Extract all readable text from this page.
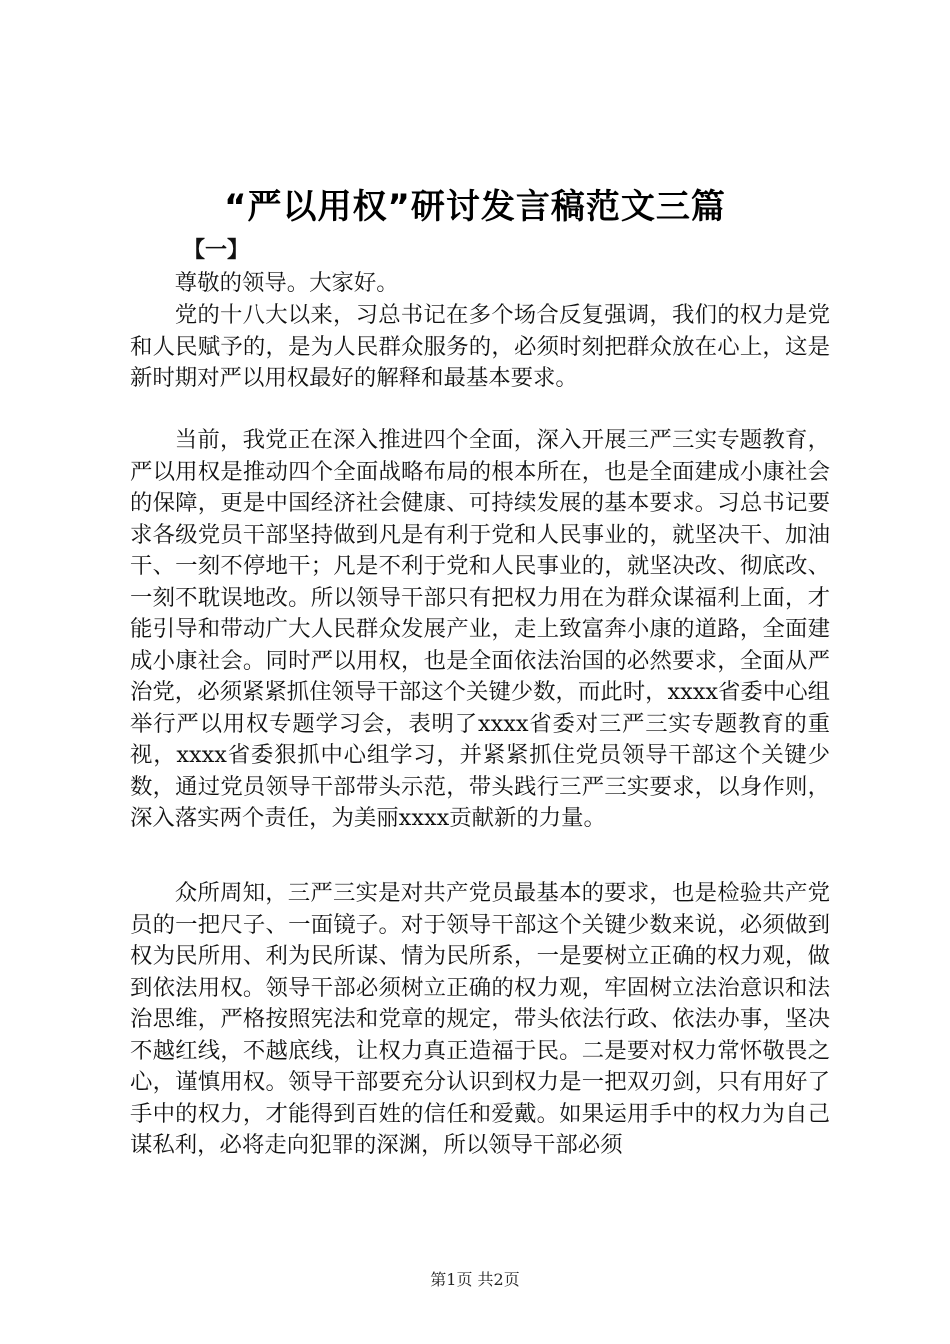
“严以用权”研讨发言稿范文三篇
【一】

尊敬的领导。大家好。

党的十八大以来，习总书记在多个场合反复强调，我们的权力是党和人民赋予的，是为人民群众服务的，必须时刻把群众放在心上，这是新时期对严以用权最好的解释和最基本要求。

当前，我党正在深入推进四个全面，深入开展三严三实专题教育，严以用权是推动四个全面战略布局的根本所在，也是全面建成小康社会的保障，更是中国经济社会健康、可持续发展的基本要求。习总书记要求各级党员干部坚持做到凡是有利于党和人民事业的，就坚决干、加油干、一刻不停地干；凡是不利于党和人民事业的，就坚决改、彻底改、一刻不耽误地改。所以领导干部只有把权力用在为群众谋福利上面，才能引导和带动广大人民群众发展产业，走上致富奔小康的道路，全面建成小康社会。同时严以用权，也是全面依法治国的必然要求，全面从严治党，必须紧紧抓住领导干部这个关键少数，而此时，xxxx省委中心组举行严以用权专题学习会，表明了xxxx省委对三严三实专题教育的重视，xxxx省委狠抓中心组学习，并紧紧抓住党员领导干部这个关键少数，通过党员领导干部带头示范，带头践行三严三实要求，以身作则，深入落实两个责任，为美丽xxxx贡献新的力量。

众所周知，三严三实是对共产党员最基本的要求，也是检验共产党员的一把尺子、一面镜子。对于领导干部这个关键少数来说，必须做到权为民所用、利为民所谋、情为民所系，一是要树立正确的权力观，做到依法用权。领导干部必须树立正确的权力观，牢固树立法治意识和法治思维，严格按照宪法和党章的规定，带头依法行政、依法办事，坚决不越红线，不越底线，让权力真正造福于民。二是要对权力常怀敬畏之心，谨慎用权。领导干部要充分认识到权力是一把双刃剑，只有用好了手中的权力，才能得到百姓的信任和爱戴。如果运用手中的权力为自己谋私利，必将走向犯罪的深渊，所以领导干部必须

第1页 共2页
